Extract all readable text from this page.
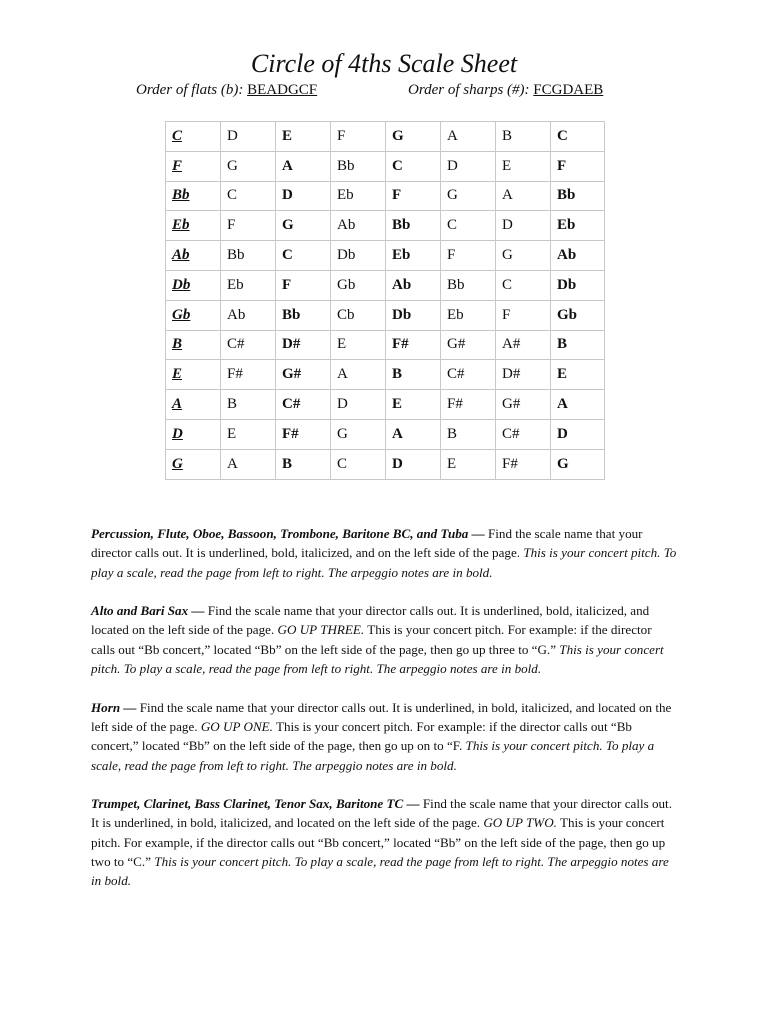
Circle of 4ths Scale Sheet
Order of flats (b): BEADGCF	Order of sharps (#): FCGDAEB
C	D	E	F	G	A	B	C
F	G	A	Bb	C	D	E	F
Bb	C	D	Eb	F	G	A	Bb
Eb	F	G	Ab	Bb	C	D	Eb
Ab	Bb	C	Db	Eb	F	G	Ab
Db	Eb	F	Gb	Ab	Bb	C	Db
Gb	Ab	Bb	Cb	Db	Eb	F	Gb
B	C#	D#	E	F#	G#	A#	B
E	F#	G#	A	B	C#	D#	E
A	B	C#	D	E	F#	G#	A
D	E	F#	G	A	B	C#	D
G	A	B	C	D	E	F#	G

Percussion, Flute, Oboe, Bassoon, Trombone, Baritone BC, and Tuba — Find the scale name that your director calls out. It is underlined, bold, italicized, and on the left side of the page. This is your concert pitch. To play a scale, read the page from left to right. The arpeggio notes are in bold.

Alto and Bari Sax — Find the scale name that your director calls out. It is underlined, bold, italicized, and located on the left side of the page. GO UP THREE. This is your concert pitch. For example: if the director calls out “Bb concert,” located “Bb” on the left side of the page, then go up three to “G.” This is your concert pitch. To play a scale, read the page from left to right. The arpeggio notes are in bold.

Horn — Find the scale name that your director calls out. It is underlined, in bold, italicized, and located on the left side of the page. GO UP ONE. This is your concert pitch. For example: if the director calls out “Bb concert,” located “Bb” on the left side of the page, then go up on to “F. This is your concert pitch. To play a scale, read the page from left to right. The arpeggio notes are in bold.

Trumpet, Clarinet, Bass Clarinet, Tenor Sax, Baritone TC — Find the scale name that your director calls out. It is underlined, in bold, italicized, and located on the left side of the page. GO UP TWO. This is your concert pitch. For example, if the director calls out “Bb concert,” located “Bb” on the left side of the page, then go up two to “C.” This is your concert pitch. To play a scale, read the page from left to right. The arpeggio notes are in bold.
